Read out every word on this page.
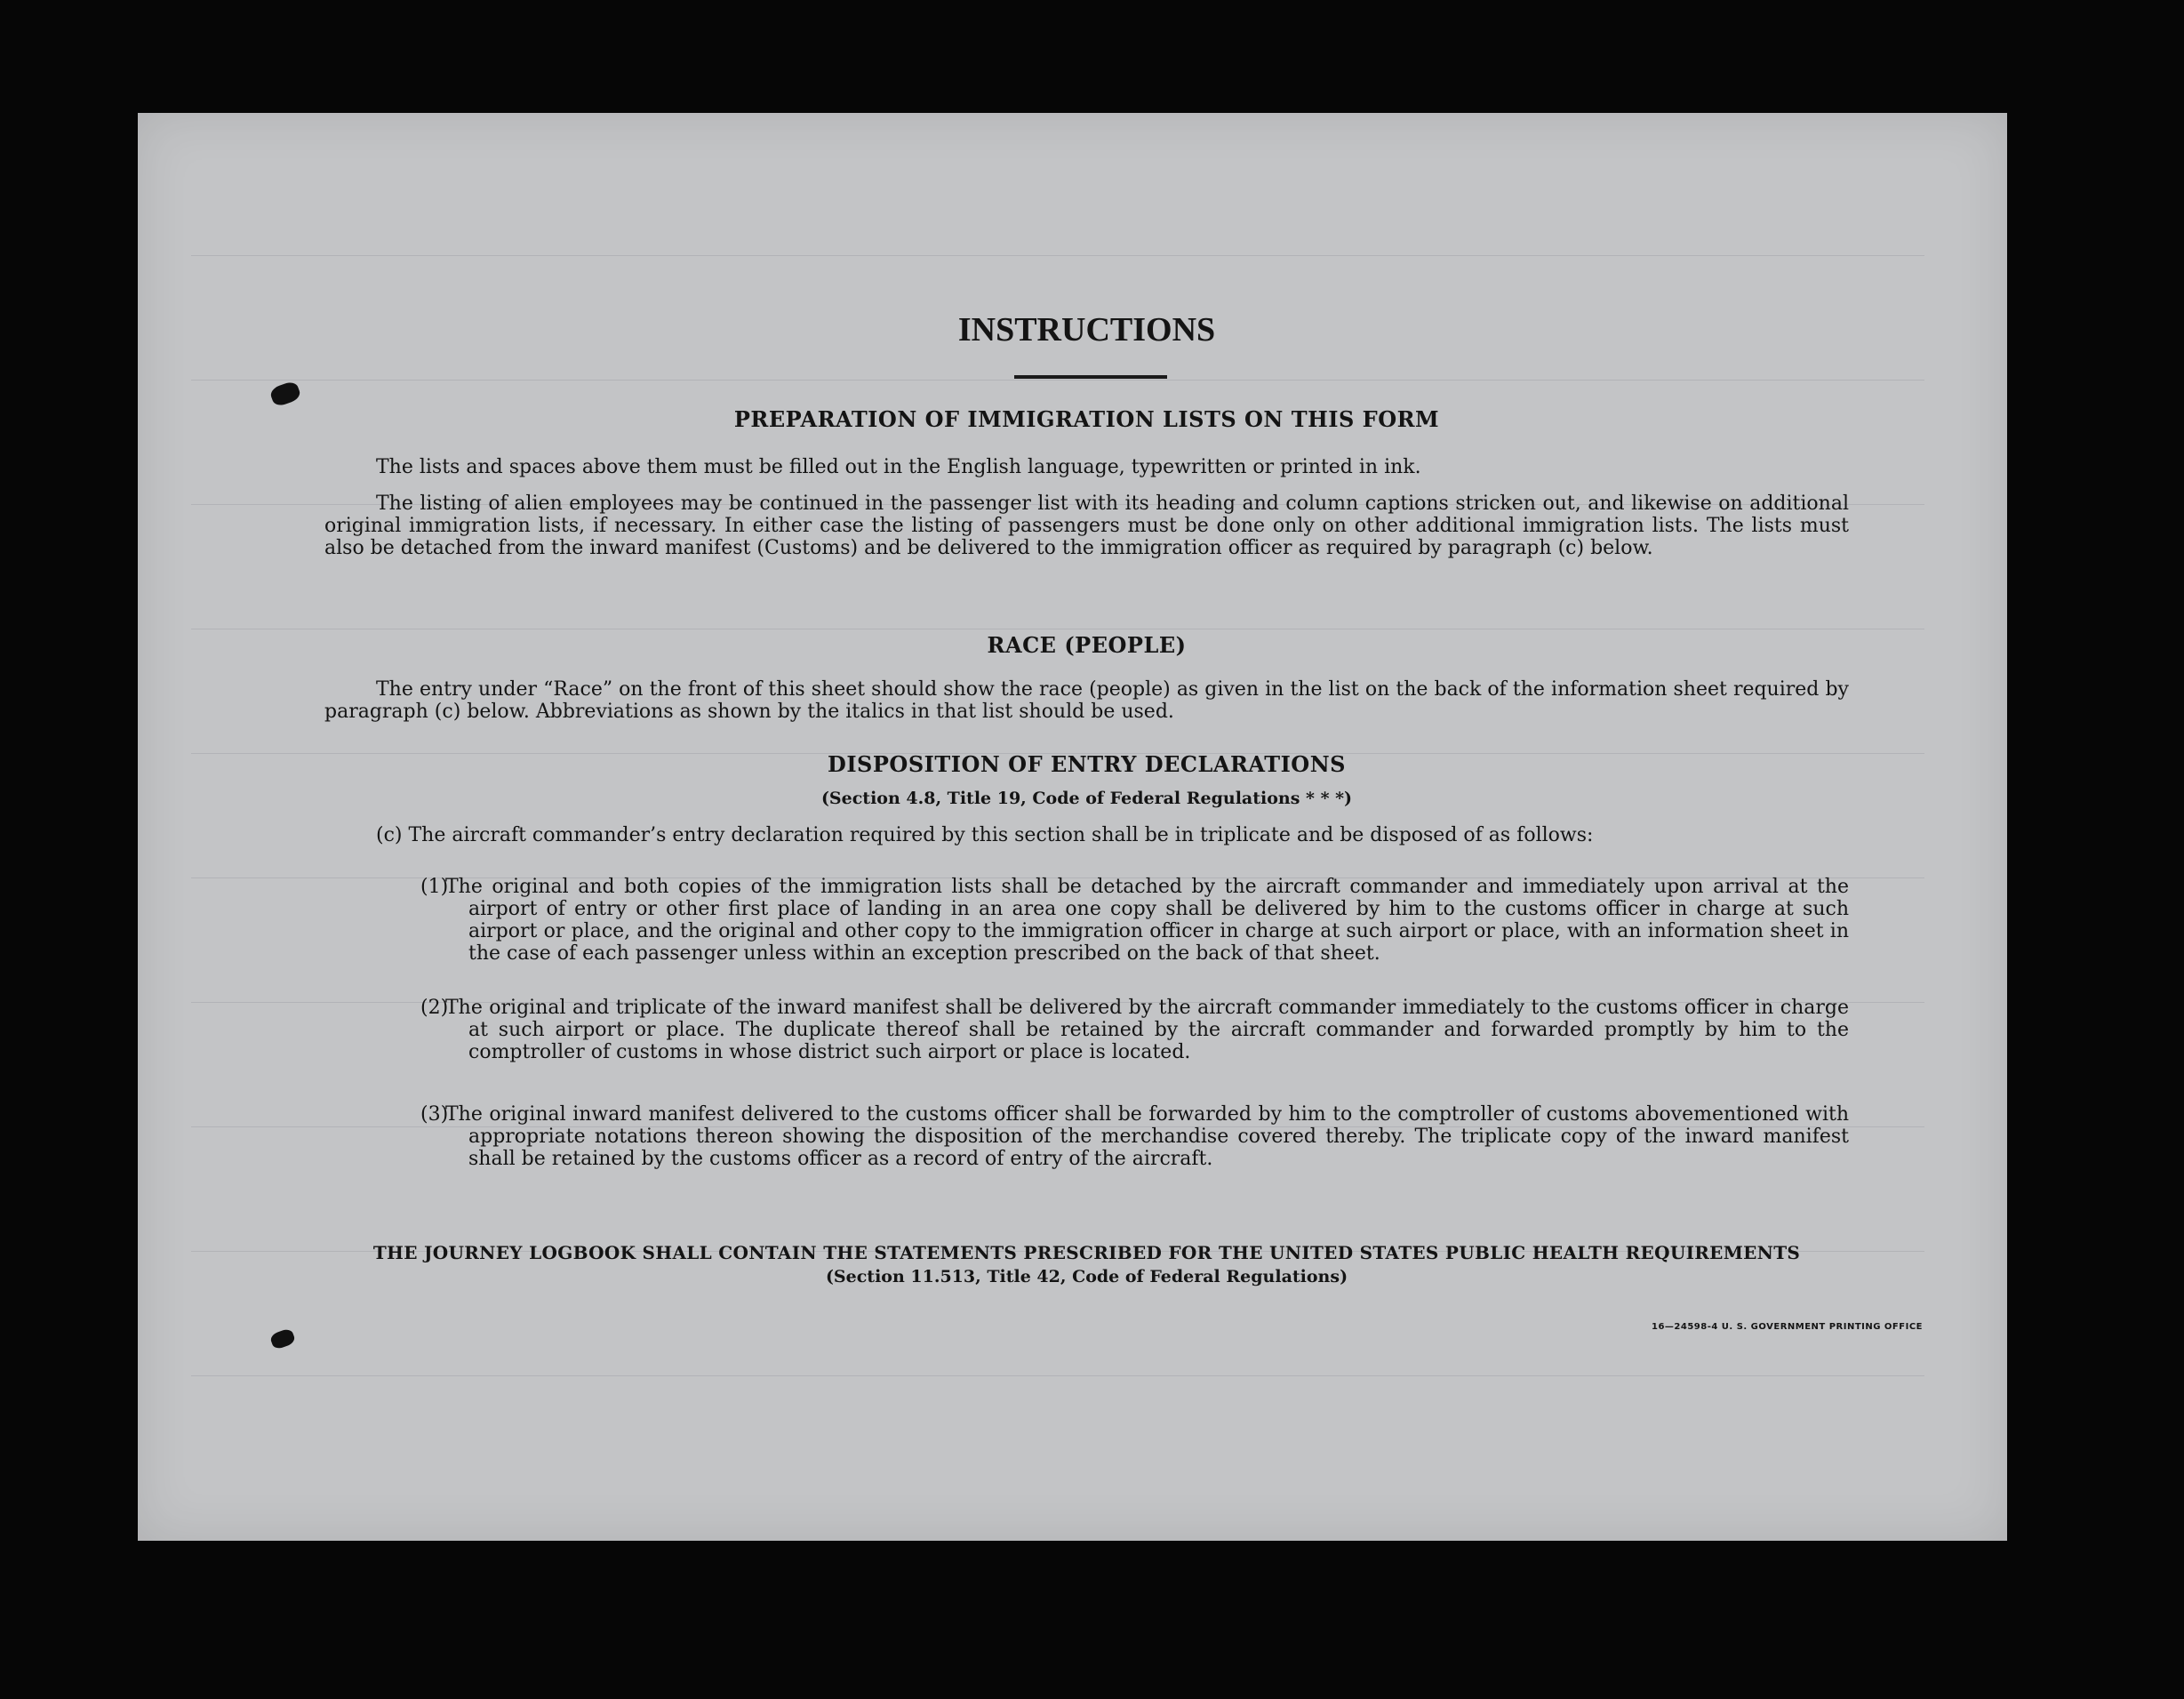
INSTRUCTIONS
PREPARATION OF IMMIGRATION LISTS ON THIS FORM
The lists and spaces above them must be filled out in the English language, typewritten or printed in ink.
The listing of alien employees may be continued in the passenger list with its heading and column captions stricken out, and likewise on additional original immigration lists, if necessary. In either case the listing of passengers must be done only on other additional immigration lists. The lists must also be detached from the inward manifest (Customs) and be delivered to the immigration officer as required by paragraph (c) below.
RACE (PEOPLE)
The entry under “Race” on the front of this sheet should show the race (people) as given in the list on the back of the information sheet required by paragraph (c) below. Abbreviations as shown by the italics in that list should be used.
DISPOSITION OF ENTRY DECLARATIONS
(Section 4.8, Title 19, Code of Federal Regulations * * *)
(c) The aircraft commander’s entry declaration required by this section shall be in triplicate and be disposed of as follows:
(1)
The original and both copies of the immigration lists shall be detached by the aircraft commander and immediately upon arrival at the airport of entry or other first place of landing in an area one copy shall be delivered by him to the customs officer in charge at such airport or place, and the original and other copy to the immigration officer in charge at such airport or place, with an information sheet in the case of each passenger unless within an exception prescribed on the back of that sheet.
(2)
The original and triplicate of the inward manifest shall be delivered by the aircraft commander immediately to the customs officer in charge at such airport or place. The duplicate thereof shall be retained by the aircraft commander and forwarded promptly by him to the comptroller of customs in whose district such airport or place is located.
(3)
The original inward manifest delivered to the customs officer shall be forwarded by him to the comptroller of customs abovementioned with appropriate notations thereon showing the disposition of the merchandise covered thereby. The triplicate copy of the inward manifest shall be retained by the customs officer as a record of entry of the aircraft.
THE JOURNEY LOGBOOK SHALL CONTAIN THE STATEMENTS PRESCRIBED FOR THE UNITED STATES PUBLIC HEALTH REQUIREMENTS
(Section 11.513, Title 42, Code of Federal Regulations)
16—24598-4 U. S. GOVERNMENT PRINTING OFFICE
